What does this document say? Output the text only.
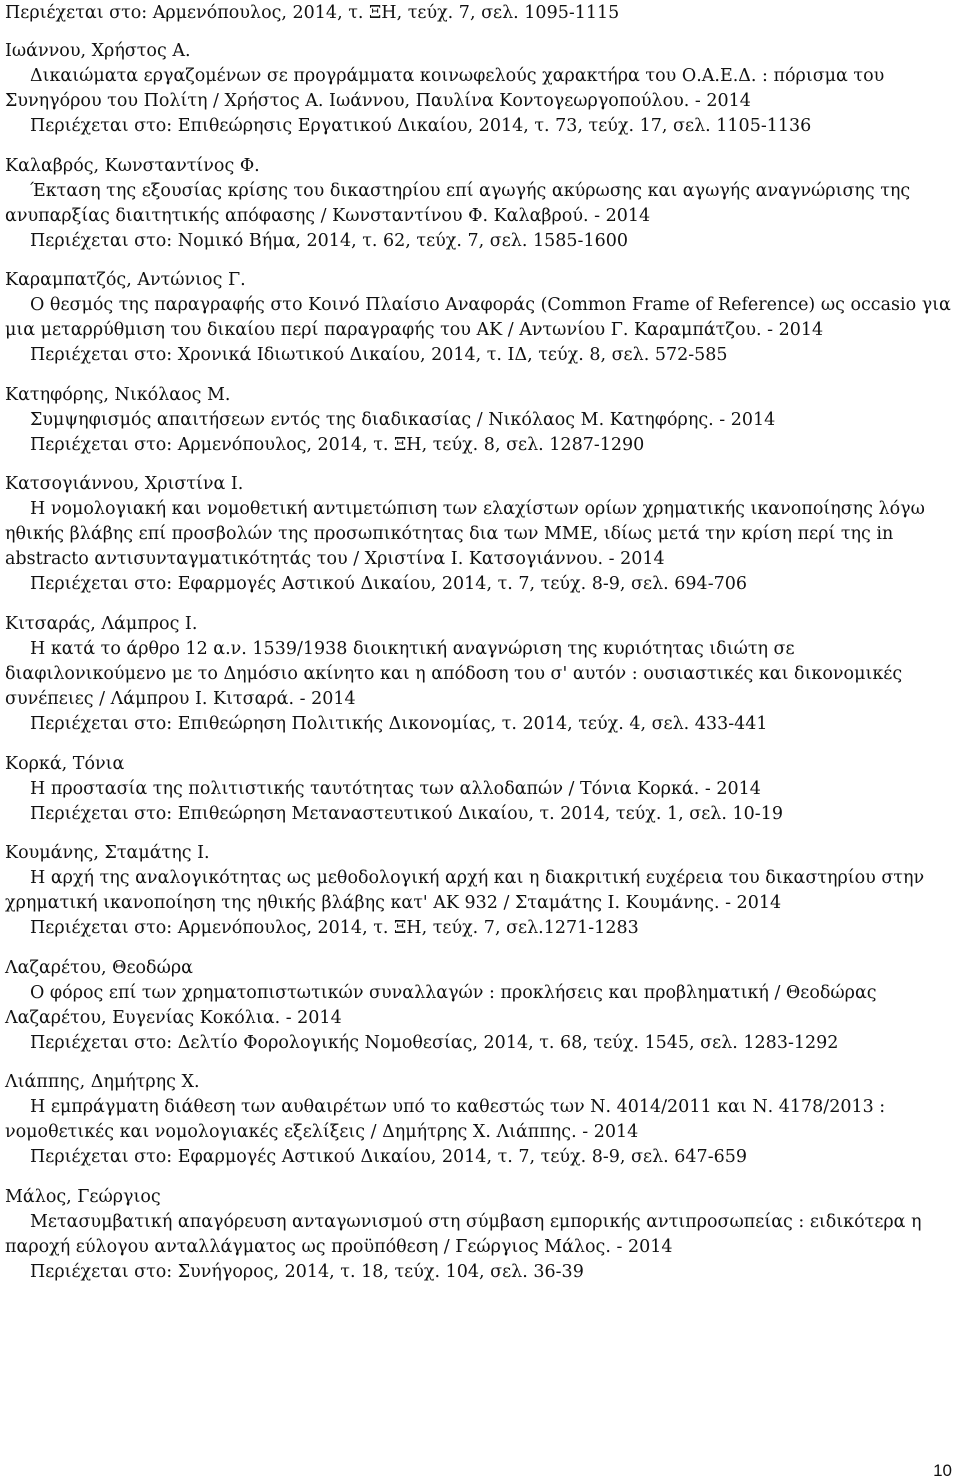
Περιέχεται στο: Αρμενόπουλος, 2014, τ. ΞΗ, τεύχ. 7, σελ. 1095-1115
Ιωάννου, Χρήστος Α.

Δικαιώματα εργαζομένων σε προγράμματα κοινωφελούς χαρακτήρα του Ο.Α.Ε.Δ. : πόρισμα του Συνηγόρου του Πολίτη / Χρήστος Α. Ιωάννου, Παυλίνα Κοντογεωργοπούλου. - 2014

Περιέχεται στο: Επιθεώρησις Εργατικού Δικαίου, 2014, τ. 73, τεύχ. 17, σελ. 1105-1136
Καλαβρός, Κωνσταντίνος Φ.

Έκταση της εξουσίας κρίσης του δικαστηρίου επί αγωγής ακύρωσης και αγωγής αναγνώρισης της ανυπαρξίας διαιτητικής απόφασης / Κωνσταντίνου Φ. Καλαβρού. - 2014

Περιέχεται στο: Νομικό Βήμα, 2014, τ. 62, τεύχ. 7, σελ. 1585-1600
Καραμπατζός, Αντώνιος Γ.

Ο θεσμός της παραγραφής στο Κοινό Πλαίσιο Αναφοράς (Common Frame of Reference) ως occasio για μια μεταρρύθμιση του δικαίου περί παραγραφής του ΑΚ / Αντωνίου Γ. Καραμπάτζου. - 2014

Περιέχεται στο: Χρονικά Ιδιωτικού Δικαίου, 2014, τ. ΙΔ, τεύχ. 8, σελ. 572-585
Κατηφόρης, Νικόλαος Μ.

Συμψηφισμός απαιτήσεων εντός της διαδικασίας / Νικόλαος Μ. Κατηφόρης. - 2014

Περιέχεται στο: Αρμενόπουλος, 2014, τ. ΞΗ, τεύχ. 8, σελ. 1287-1290
Κατσογιάννου, Χριστίνα Ι.

Η νομολογιακή και νομοθετική αντιμετώπιση των ελαχίστων ορίων χρηματικής ικανοποίησης λόγω ηθικής βλάβης επί προσβολών της προσωπικότητας δια των ΜΜΕ, ιδίως μετά την κρίση περί της in abstracto αντισυνταγματικότητάς του / Χριστίνα Ι. Κατσογιάννου. - 2014

Περιέχεται στο: Εφαρμογές Αστικού Δικαίου, 2014, τ. 7, τεύχ. 8-9, σελ. 694-706
Κιτσαράς, Λάμπρος Ι.

Η κατά το άρθρο 12 α.ν. 1539/1938 διοικητική αναγνώριση της κυριότητας ιδιώτη σε διαφιλονικούμενο με το Δημόσιο ακίνητο και η απόδοση του σ' αυτόν : ουσιαστικές και δικονομικές συνέπειες / Λάμπρου Ι. Κιτσαρά. - 2014

Περιέχεται στο: Επιθεώρηση Πολιτικής Δικονομίας, τ. 2014, τεύχ. 4, σελ. 433-441
Κορκά, Τόνια

Η προστασία της πολιτιστικής ταυτότητας των αλλοδαπών / Τόνια Κορκά. - 2014

Περιέχεται στο: Επιθεώρηση Μεταναστευτικού Δικαίου, τ. 2014, τεύχ. 1, σελ. 10-19
Κουμάνης, Σταμάτης Ι.

Η αρχή της αναλογικότητας ως μεθοδολογική αρχή και η διακριτική ευχέρεια του δικαστηρίου στην χρηματική ικανοποίηση της ηθικής βλάβης κατ' ΑΚ 932 / Σταμάτης Ι. Κουμάνης. - 2014

Περιέχεται στο: Αρμενόπουλος, 2014, τ. ΞΗ, τεύχ. 7, σελ.1271-1283
Λαζαρέτου, Θεοδώρα

Ο φόρος επί των χρηματοπιστωτικών συναλλαγών : προκλήσεις και προβληματική / Θεοδώρας Λαζαρέτου, Ευγενίας Κοκόλια. - 2014

Περιέχεται στο: Δελτίο Φορολογικής Νομοθεσίας, 2014, τ. 68, τεύχ. 1545, σελ. 1283-1292
Λιάππης, Δημήτρης Χ.

Η εμπράγματη διάθεση των αυθαιρέτων υπό το καθεστώς των Ν. 4014/2011 και Ν. 4178/2013 : νομοθετικές και νομολογιακές εξελίξεις / Δημήτρης Χ. Λιάππης. - 2014

Περιέχεται στο: Εφαρμογές Αστικού Δικαίου, 2014, τ. 7, τεύχ. 8-9, σελ. 647-659
Μάλος, Γεώργιος

Μετασυμβατική απαγόρευση ανταγωνισμού στη σύμβαση εμπορικής αντιπροσωπείας : ειδικότερα η παροχή εύλογου ανταλλάγματος ως προϋπόθεση / Γεώργιος Μάλος. - 2014

Περιέχεται στο: Συνήγορος, 2014, τ. 18, τεύχ. 104, σελ. 36-39
10
